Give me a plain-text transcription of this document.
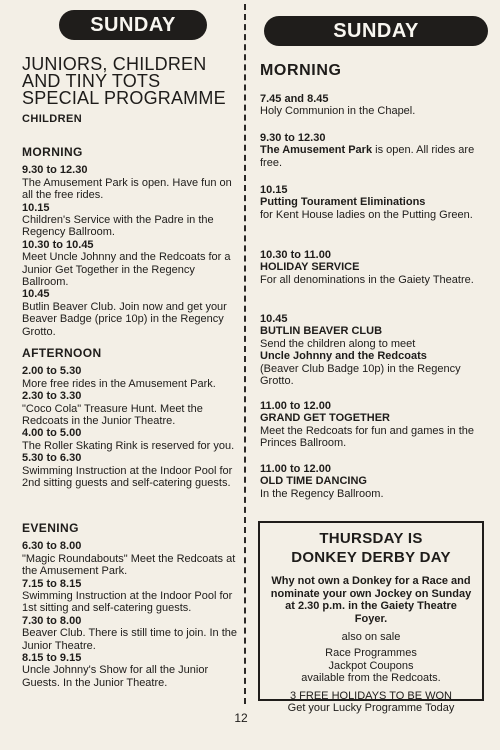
SUNDAY
JUNIORS, CHILDREN AND TINY TOTS SPECIAL PROGRAMME
CHILDREN
MORNING
9.30 to 12.30
The Amusement Park is open. Have fun on all the free rides.
10.15
Children's Service with the Padre in the Regency Ballroom.
10.30 to 10.45
Meet Uncle Johnny and the Redcoats for a Junior Get Together in the Regency Ballroom.
10.45
Butlin Beaver Club. Join now and get your Beaver Badge (price 10p) in the Regency Grotto.
AFTERNOON
2.00 to 5.30
More free rides in the Amusement Park.
2.30 to 3.30
"Coco Cola" Treasure Hunt. Meet the Redcoats in the Junior Theatre.
4.00 to 5.00
The Roller Skating Rink is reserved for you.
5.30 to 6.30
Swimming Instruction at the Indoor Pool for 2nd sitting guests and self-catering guests.
EVENING
6.30 to 8.00
"Magic Roundabouts" Meet the Redcoats at the Amusement Park.
7.15 to 8.15
Swimming Instruction at the Indoor Pool for 1st sitting and self-catering guests.
7.30 to 8.00
Beaver Club. There is still time to join. In the Junior Theatre.
8.15 to 9.15
Uncle Johnny's Show for all the Junior Guests. In the Junior Theatre.
SUNDAY
MORNING
7.45 and 8.45
Holy Communion in the Chapel.
9.30 to 12.30
The Amusement Park is open. All rides are free.
10.15
Putting Tourament Eliminations
for Kent House ladies on the Putting Green.
10.30 to 11.00
HOLIDAY SERVICE
For all denominations in the Gaiety Theatre.
10.45
BUTLIN BEAVER CLUB
Send the children along to meet
Uncle Johnny and the Redcoats
(Beaver Club Badge 10p) in the Regency Grotto.
11.00 to 12.00
GRAND GET TOGETHER
Meet the Redcoats for fun and games in the Princes Ballroom.
11.00 to 12.00
OLD TIME DANCING
In the Regency Ballroom.
THURSDAY IS
DONKEY DERBY DAY
Why not own a Donkey for a Race and nominate your own Jockey on Sunday at 2.30 p.m. in the Gaiety Theatre Foyer.
also on sale
Race Programmes
Jackpot Coupons
available from the Redcoats.
3 FREE HOLIDAYS TO BE WON
Get your Lucky Programme Today
12
